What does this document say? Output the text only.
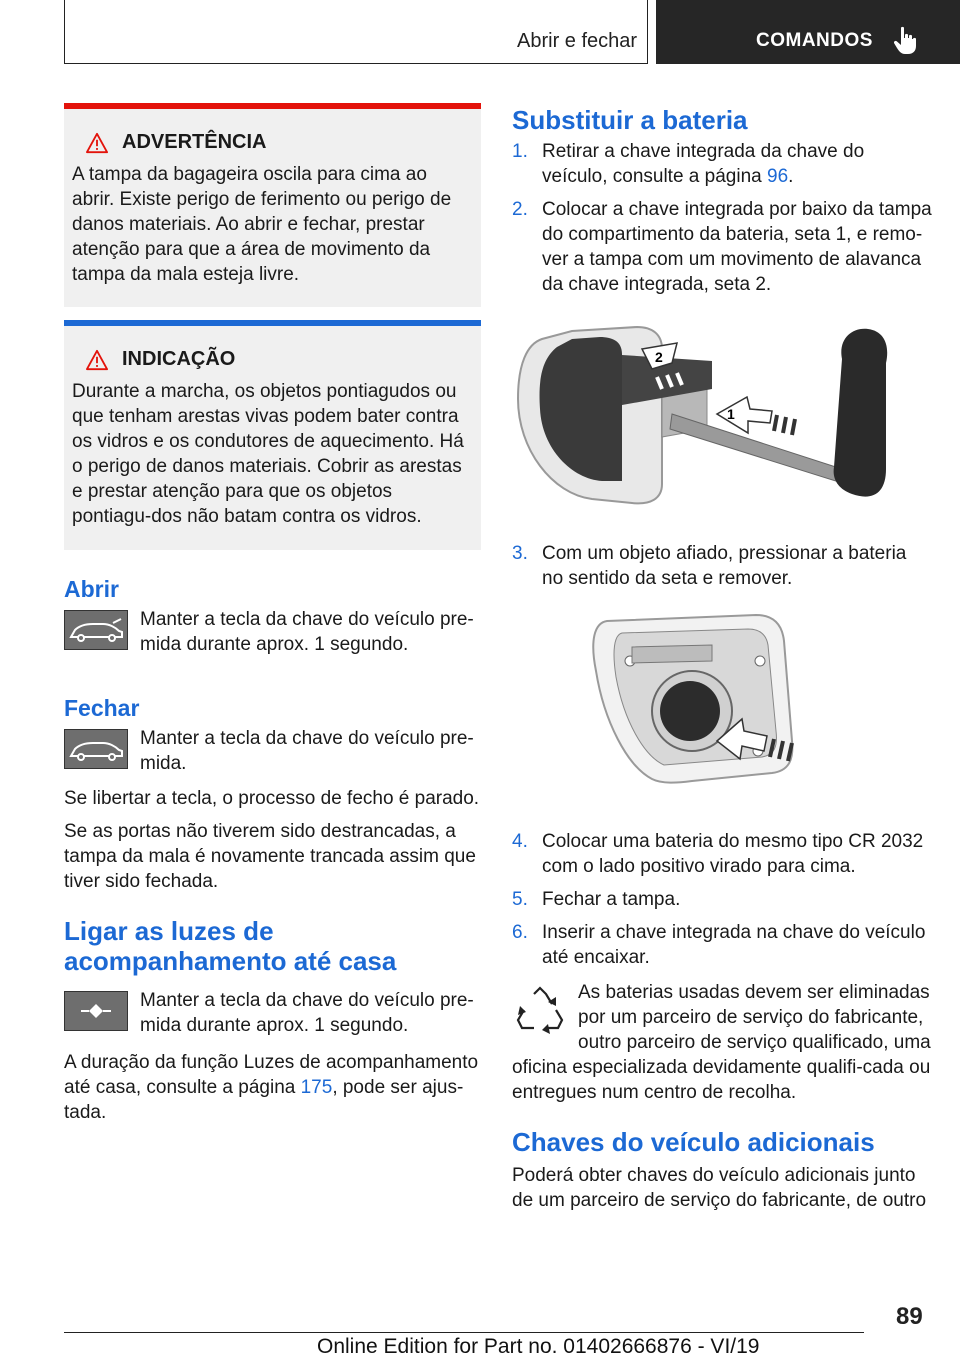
Abrir e fechar	COMANDOS
ADVERTÊNCIA
A tampa da bagageira oscila para cima ao abrir. Existe perigo de ferimento ou perigo de danos materiais. Ao abrir e fechar, prestar atenção para que a área de movimento da tampa da mala esteja livre.
INDICAÇÃO
Durante a marcha, os objetos pontiagudos ou que tenham arestas vivas podem bater contra os vidros e os condutores de aquecimento. Há o perigo de danos materiais. Cobrir as arestas e prestar atenção para que os objetos pontiagu-dos não batam contra os vidros.
Abrir
Manter a tecla da chave do veículo pre-mida durante aprox. 1 segundo.
Fechar
Manter a tecla da chave do veículo pre-mida.

Se libertar a tecla, o processo de fecho é parado.

Se as portas não tiverem sido destrancadas, a tampa da mala é novamente trancada assim que tiver sido fechada.

Ligar as luzes de
acompanhamento até casa
Manter a tecla da chave do veículo pre-mida durante aprox. 1 segundo.

A duração da função Luzes de acompanhamento até casa, consulte a página 175, pode ser ajus-tada.

Substituir a bateria
1. Retirar a chave integrada da chave do veículo, consulte a página 96.
2. Colocar a chave integrada por baixo da tampa do compartimento da bateria, seta 1, e remo-ver a tampa com um movimento de alavanca da chave integrada, seta 2.
2
1
3. Com um objeto afiado, pressionar a bateria no sentido da seta e remover.
4. Colocar uma bateria do mesmo tipo CR 2032 com o lado positivo virado para cima.
5. Fechar a tampa.
6. Inserir a chave integrada na chave do veículo até encaixar.

As baterias usadas devem ser eliminadas por um parceiro de serviço do fabricante, outro parceiro de serviço qualificado, uma oficina especializada devidamente qualifi-cada ou entregues num centro de recolha.

Chaves do veículo adicionais

Poderá obter chaves do veículo adicionais junto de um parceiro de serviço do fabricante, de outro

89
Online Edition for Part no. 01402666876 - VI/19
